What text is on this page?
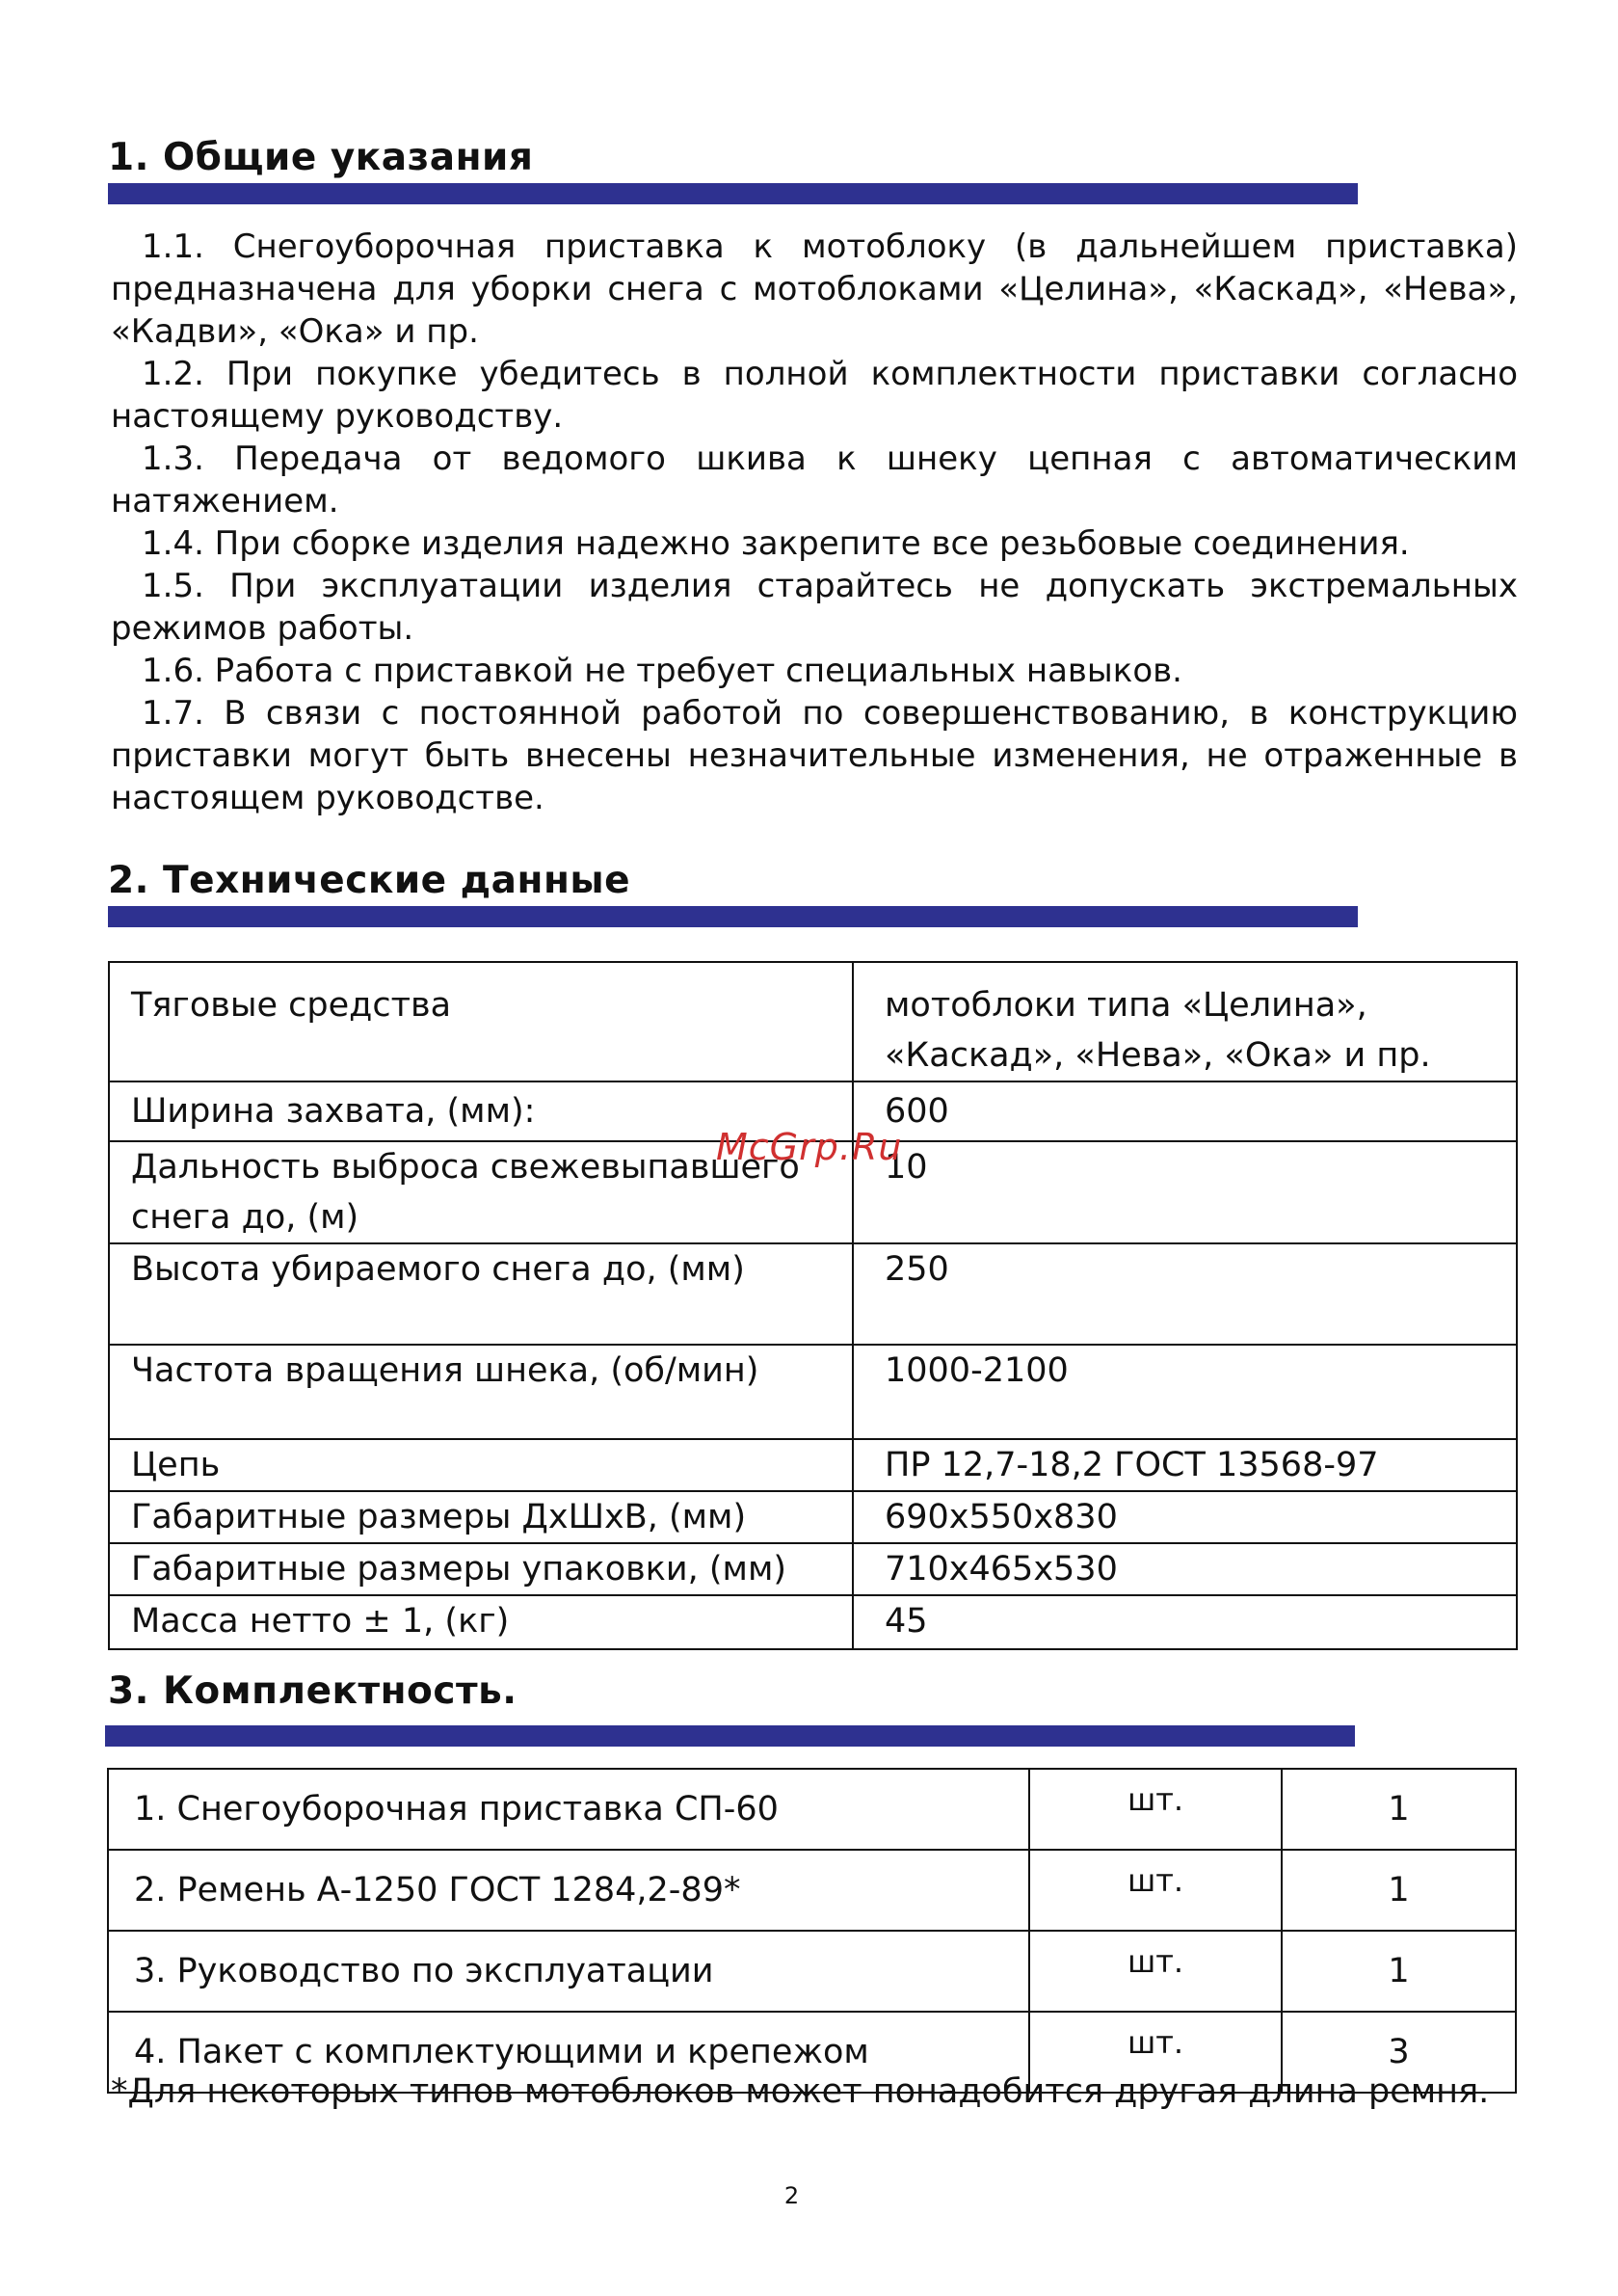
1. Общие указания

1.1. Снегоуборочная приставка к мотоблоку (в дальнейшем приставка) предназначена для уборки снега с мотоблоками «Целина», «Каскад», «Нева», «Кадви», «Ока» и пр.

1.2. При покупке убедитесь в полной комплектности приставки согласно настоящему руководству.

1.3. Передача от ведомого шкива к шнеку цепная с автоматическим натяжением.

1.4. При сборке изделия надежно закрепите все резьбовые соединения.

1.5. При эксплуатации изделия старайтесь не допускать экстремальных режимов работы.

1.6. Работа с приставкой не требует специальных навыков.

1.7. В связи с постоянной работой по совершенствованию, в конструкцию приставки могут быть внесены незначительные изменения, не отраженные в настоящем руководстве.

2. Технические данные
Тяговые средства	мотоблоки типа «Целина», «Каскад», «Нева», «Ока» и пр.
Ширина захвата, (мм):	600
Дальность выброса свежевыпавшего снега до, (м)	10
Высота убираемого снега до, (мм)	250
Частота вращения шнека, (об/мин)	1000-2100
Цепь	ПР 12,7-18,2 ГОСТ 13568-97
Габаритные размеры ДхШхВ, (мм)	690х550х830
Габаритные размеры упаковки, (мм)	710х465х530
Масса нетто ± 1, (кг)	45
McGrp.Ru
3. Комплектность.
1. Снегоуборочная приставка СП-60	шт.	1
2. Ремень А-1250 ГОСТ 1284,2-89*	шт.	1
3. Руководство по эксплуатации	шт.	1
4. Пакет с комплектующими и крепежом	шт.	3
*Для некоторых типов мотоблоков может понадобится другая длина ремня.
2
